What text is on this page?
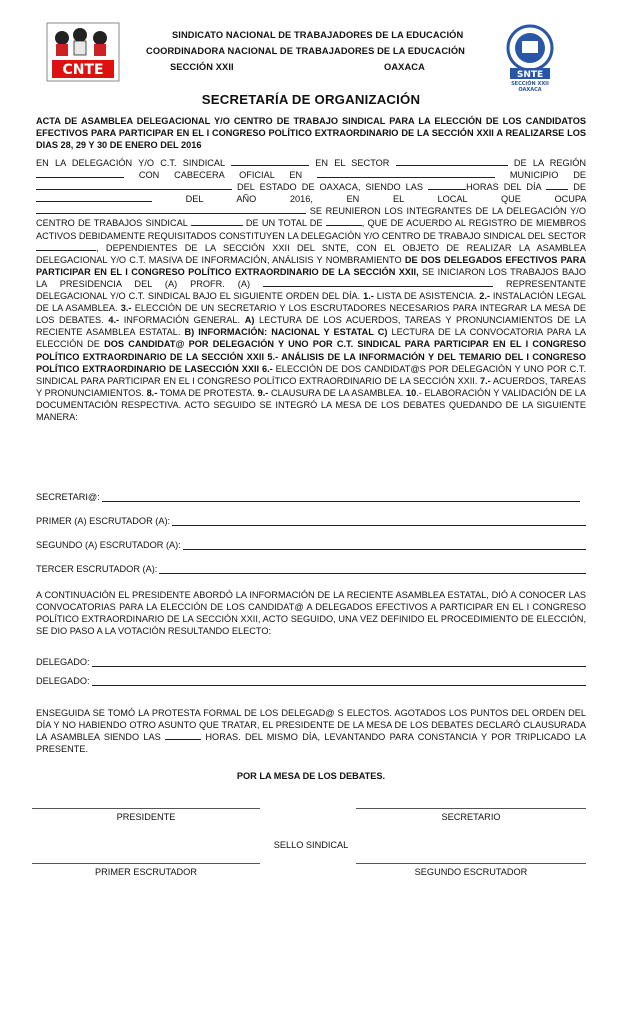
CNTE	SNTE
SECCIÓN XXII
OAXACA
SINDICATO NACIONAL DE TRABAJADORES DE LA EDUCACIÓN
COORDINADORA NACIONAL DE TRABAJADORES DE LA EDUCACIÓN
SECCIÓN XXII	OAXACA
SECRETARÍA DE ORGANIZACIÓN
ACTA DE ASAMBLEA DELEGACIONAL Y/O CENTRO DE TRABAJO SINDICAL PARA LA ELECCIÓN DE LOS CANDIDATOS EFECTIVOS PARA PARTICIPAR EN EL I CONGRESO POLÍTICO EXTRAORDINARIO DE LA SECCIÓN XXII A REALIZARSE LOS DIAS 28, 29 Y 30 DE ENERO DEL 2016
EN LA DELEGACIÓN Y/O C.T. SINDICAL	EN EL SECTOR	DE LA REGIÓN  CON CABECERA OFICIAL EN	MUNICIPIO DE  DEL ESTADO DE OAXACA, SIENDO LAS	HORAS DEL DÍA	DE  DEL AÑO 2016, EN EL LOCAL QUE OCUPA  SE REUNIERON LOS INTEGRANTES DE LA DELEGACIÓN Y/O CENTRO DE TRABAJOS SINDICAL	DE UN TOTAL DE	, QUE DE ACUERDO AL REGISTRO DE MIEMBROS ACTIVOS DEBIDAMENTE REQUISITADOS CONSTITUYEN LA DELEGACIÓN Y/O CENTRO DE TRABAJO SINDICAL DEL SECTOR , DEPENDIENTES DE LA SECCIÓN XXII DEL SNTE, CON EL OBJETO DE REALIZAR LA ASAMBLEA DELEGACIONAL Y/O C.T. MASIVA DE INFORMACIÓN, ANÁLISIS Y NOMBRAMIENTO DE DOS DELEGADOS EFECTIVOS PARA PARTICIPAR EN EL I CONGRESO POLÍTICO EXTRAORDINARIO DE LA SECCIÓN XXII, SE INICIARON LOS TRABAJOS BAJO LA PRESIDENCIA DEL (A) PROFR. (A)	REPRESENTANTE DELEGACIONAL Y/O C.T. SINDICAL BAJO EL SIGUIENTE ORDEN DEL DÍA. 1.- LISTA DE ASISTENCIA. 2.- INSTALACIÓN LEGAL DE LA ASAMBLEA. 3.- ELECCIÓN DE UN SECRETARIO Y LOS ESCRUTADORES NECESARIOS PARA INTEGRAR LA MESA DE LOS DEBATES. 4.- INFORMACIÓN GENERAL. A) LECTURA DE LOS ACUERDOS, TAREAS Y PRONUNCIAMIENTOS DE LA RECIENTE ASAMBLEA ESTATAL. B) INFORMACIÓN: NACIONAL Y ESTATAL C) LECTURA DE LA CONVOCATORIA PARA LA ELECCIÓN DE DOS CANDIDAT@ POR DELEGACIÓN Y UNO POR C.T. SINDICAL PARA PARTICIPAR EN EL I CONGRESO POLÍTICO EXTRAORDINARIO DE LA SECCIÓN XXII 5.- ANÁLISIS DE LA INFORMACIÓN Y DEL TEMARIO DEL I CONGRESO POLÍTICO EXTRAORDINARIO DE LASECCIÓN XXII 6.- ELECCIÓN DE DOS CANDIDAT@S POR DELEGACIÓN Y UNO POR C.T. SINDICAL PARA PARTICIPAR EN EL I CONGRESO POLÍTICO EXTRAORDINARIO DE LA SECCIÓN XXII. 7.- ACUERDOS, TAREAS Y PRONUNCIAMIENTOS. 8.- TOMA DE PROTESTA. 9.- CLAUSURA DE LA ASAMBLEA. 10.- ELABORACIÓN Y VALIDACIÓN DE LA DOCUMENTACIÓN RESPECTIVA. ACTO SEGUIDO SE INTEGRÓ LA MESA DE LOS DEBATES QUEDANDO DE LA SIGUIENTE MANERA:
SECRETARI@:
PRIMER (A) ESCRUTADOR (A):
SEGUNDO (A) ESCRUTADOR (A):
TERCER ESCRUTADOR (A):
A CONTINUACIÓN EL PRESIDENTE ABORDÓ LA INFORMACIÓN DE LA RECIENTE ASAMBLEA ESTATAL, DIÓ A CONOCER LAS CONVOCATORIAS PARA LA ELECCIÓN DE LOS CANDIDAT@ A DELEGADOS EFECTIVOS A PARTICIPAR EN EL I CONGRESO POLÍTICO EXTRAORDINARIO DE LA SECCIÓN XXII, ACTO SEGUIDO, UNA VEZ DEFINIDO EL PROCEDIMIENTO DE ELECCIÓN, SE DIO PASO A LA VOTACIÓN RESULTANDO ELECTO:
DELEGADO:
DELEGADO:
ENSEGUIDA SE TOMÓ LA PROTESTA FORMAL DE LOS DELEGAD@ S ELECTOS. AGOTADOS LOS PUNTOS DEL ORDEN DEL DÍA Y NO HABIENDO OTRO ASUNTO QUE TRATAR, EL PRESIDENTE DE LA MESA DE LOS DEBATES DECLARÓ CLAUSURADA LA ASAMBLEA SIENDO LAS	HORAS. DEL MISMO DÍA, LEVANTANDO PARA CONSTANCIA Y POR TRIPLICADO LA PRESENTE.
POR LA MESA DE LOS DEBATES.
PRESIDENTE	SECRETARIO
SELLO SINDICAL
PRIMER ESCRUTADOR	SEGUNDO ESCRUTADOR
